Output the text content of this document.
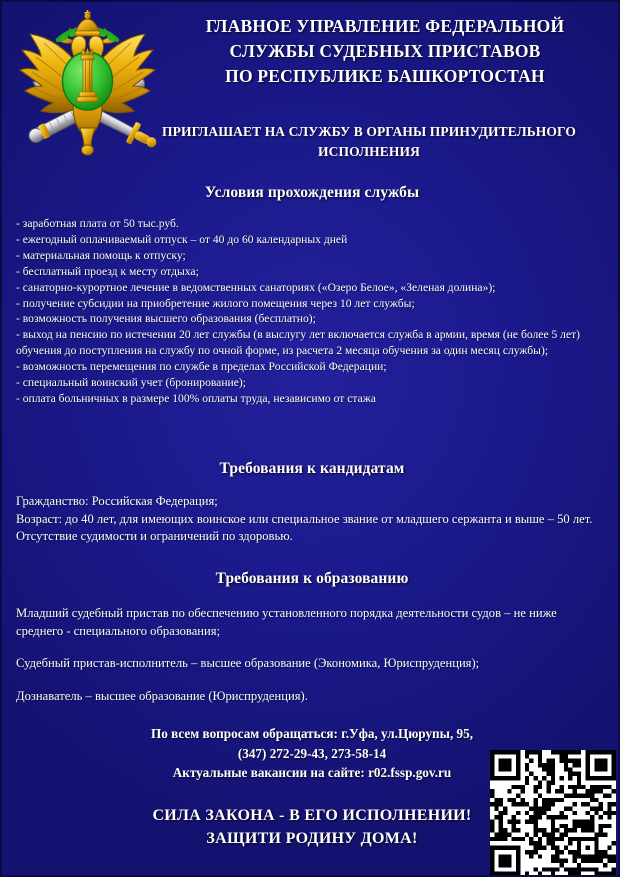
ГЛАВНОЕ УПРАВЛЕНИЕ ФЕДЕРАЛЬНОЙ
СЛУЖБЫ СУДЕБНЫХ ПРИСТАВОВ
ПО РЕСПУБЛИКЕ БАШКОРТОСТАН
ПРИГЛАШАЕТ НА СЛУЖБУ В ОРГАНЫ ПРИНУДИТЕЛЬНОГО
ИСПОЛНЕНИЯ
Условия прохождения службы
- заработная плата от 50 тыс.руб.
- ежегодный оплачиваемый отпуск – от 40 до 60 календарных дней
- материальная помощь к отпуску;
- бесплатный проезд к месту отдыха;
- санаторно-курортное лечение в ведомственных санаториях («Озеро Белое», «Зеленая долина»);
- получение субсидии на приобретение жилого помещения через 10 лет службы;
- возможность получения высшего образования (бесплатно);
- выход на пенсию по истечении 20 лет службы (в выслугу лет включается служба в армии, время (не более 5 лет) обучения до поступления на службу по очной форме, из расчета 2 месяца обучения за один месяц службы);
- возможность перемещения по службе в пределах Российской Федерации;
- специальный воинский учет (бронирование);
- оплата больничных в размере 100% оплаты труда, независимо от стажа
Требования к кандидатам
Гражданство: Российская Федерация;
Возраст: до 40 лет, для имеющих воинское или специальное звание от младшего сержанта и выше – 50 лет.
Отсутствие судимости и ограничений по здоровью.
Требования к образованию
Младший судебный пристав по обеспечению установленного порядка деятельности судов – не ниже среднего - специального образования;
Судебный пристав-исполнитель – высшее образование (Экономика, Юриспруденция);
Дознаватель – высшее образование (Юриспруденция).
По всем вопросам обращаться: г.Уфа, ул.Цюрупы, 95,
(347) 272-29-43, 273-58-14
Актуальные вакансии на сайте: r02.fssp.gov.ru
СИЛА ЗАКОНА - В ЕГО ИСПОЛНЕНИИ!
ЗАЩИТИ РОДИНУ ДОМА!
